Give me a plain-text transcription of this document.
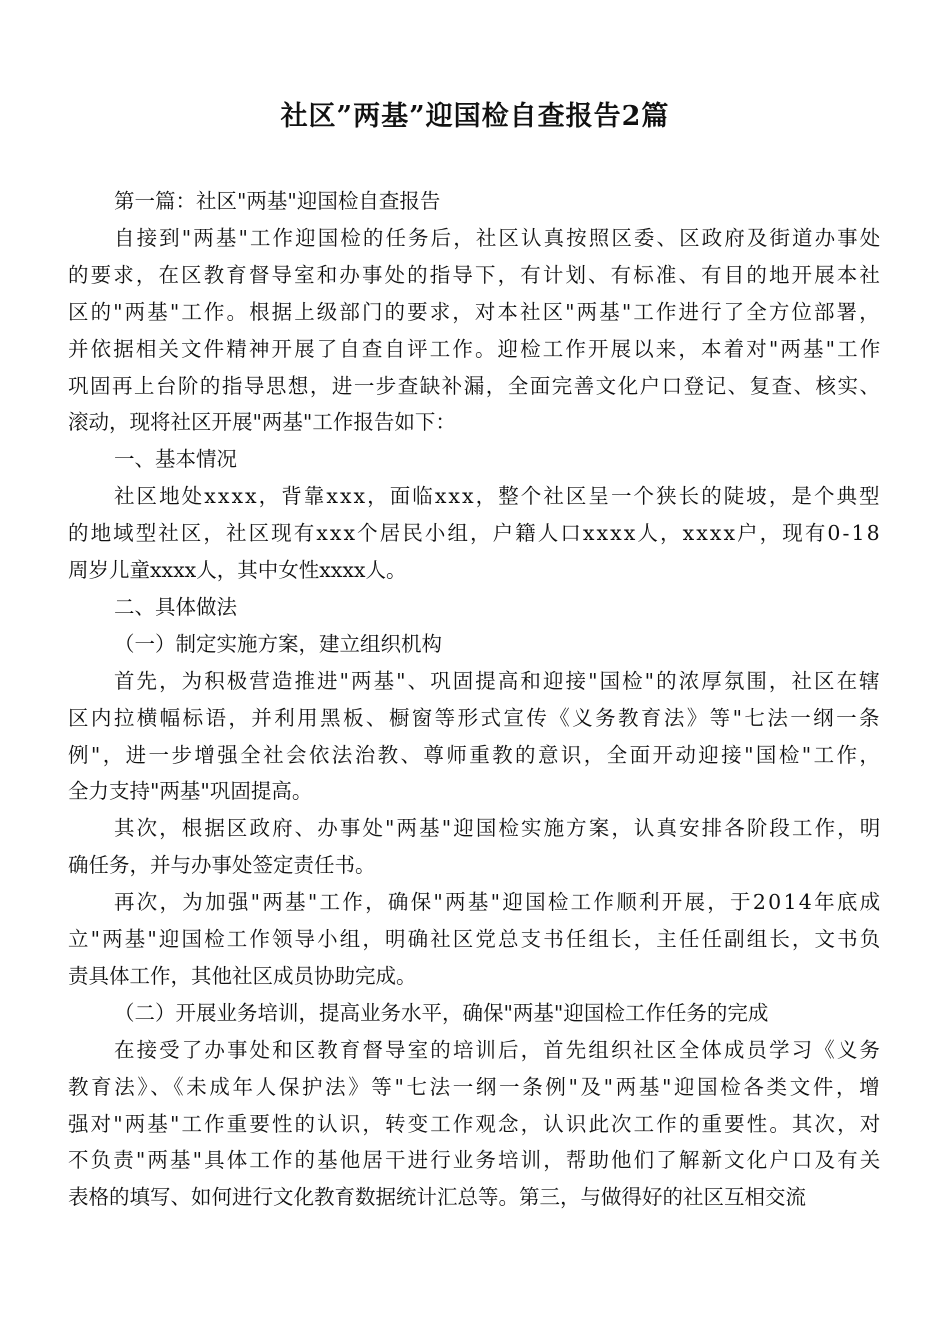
社区”两基”迎国检自查报告2篇
第一篇：社区"两基"迎国检自查报告
自接到"两基"工作迎国检的任务后，社区认真按照区委、区政府及街道办事处
的要求，在区教育督导室和办事处的指导下，有计划、有标准、有目的地开展本社
区的"两基"工作。根据上级部门的要求，对本社区"两基"工作进行了全方位部署，
并依据相关文件精神开展了自查自评工作。迎检工作开展以来，本着对"两基"工作
巩固再上台阶的指导思想，进一步查缺补漏，全面完善文化户口登记、复查、核实、
滚动，现将社区开展"两基"工作报告如下：
一、基本情况
社区地处xxxx，背靠xxx，面临xxx，整个社区呈一个狭长的陡坡，是个典型
的地域型社区，社区现有xxx个居民小组，户籍人口xxxx人，xxxx户，现有0-18
周岁儿童xxxx人，其中女性xxxx人。
二、具体做法
（一）制定实施方案，建立组织机构
首先，为积极营造推进"两基"、巩固提高和迎接"国检"的浓厚氛围，社区在辖
区内拉横幅标语，并利用黑板、橱窗等形式宣传《义务教育法》等"七法一纲一条
例"，进一步增强全社会依法治教、尊师重教的意识，全面开动迎接"国检"工作，
全力支持"两基"巩固提高。
其次，根据区政府、办事处"两基"迎国检实施方案，认真安排各阶段工作，明
确任务，并与办事处签定责任书。
再次，为加强"两基"工作，确保"两基"迎国检工作顺利开展，于2014年底成
立"两基"迎国检工作领导小组，明确社区党总支书任组长，主任任副组长，文书负
责具体工作，其他社区成员协助完成。
（二）开展业务培训，提高业务水平，确保"两基"迎国检工作任务的完成
在接受了办事处和区教育督导室的培训后，首先组织社区全体成员学习《义务
教育法》、《未成年人保护法》等"七法一纲一条例"及"两基"迎国检各类文件，增
强对"两基"工作重要性的认识，转变工作观念，认识此次工作的重要性。其次，对
不负责"两基"具体工作的基他居干进行业务培训，帮助他们了解新文化户口及有关
表格的填写、如何进行文化教育数据统计汇总等。第三，与做得好的社区互相交流
